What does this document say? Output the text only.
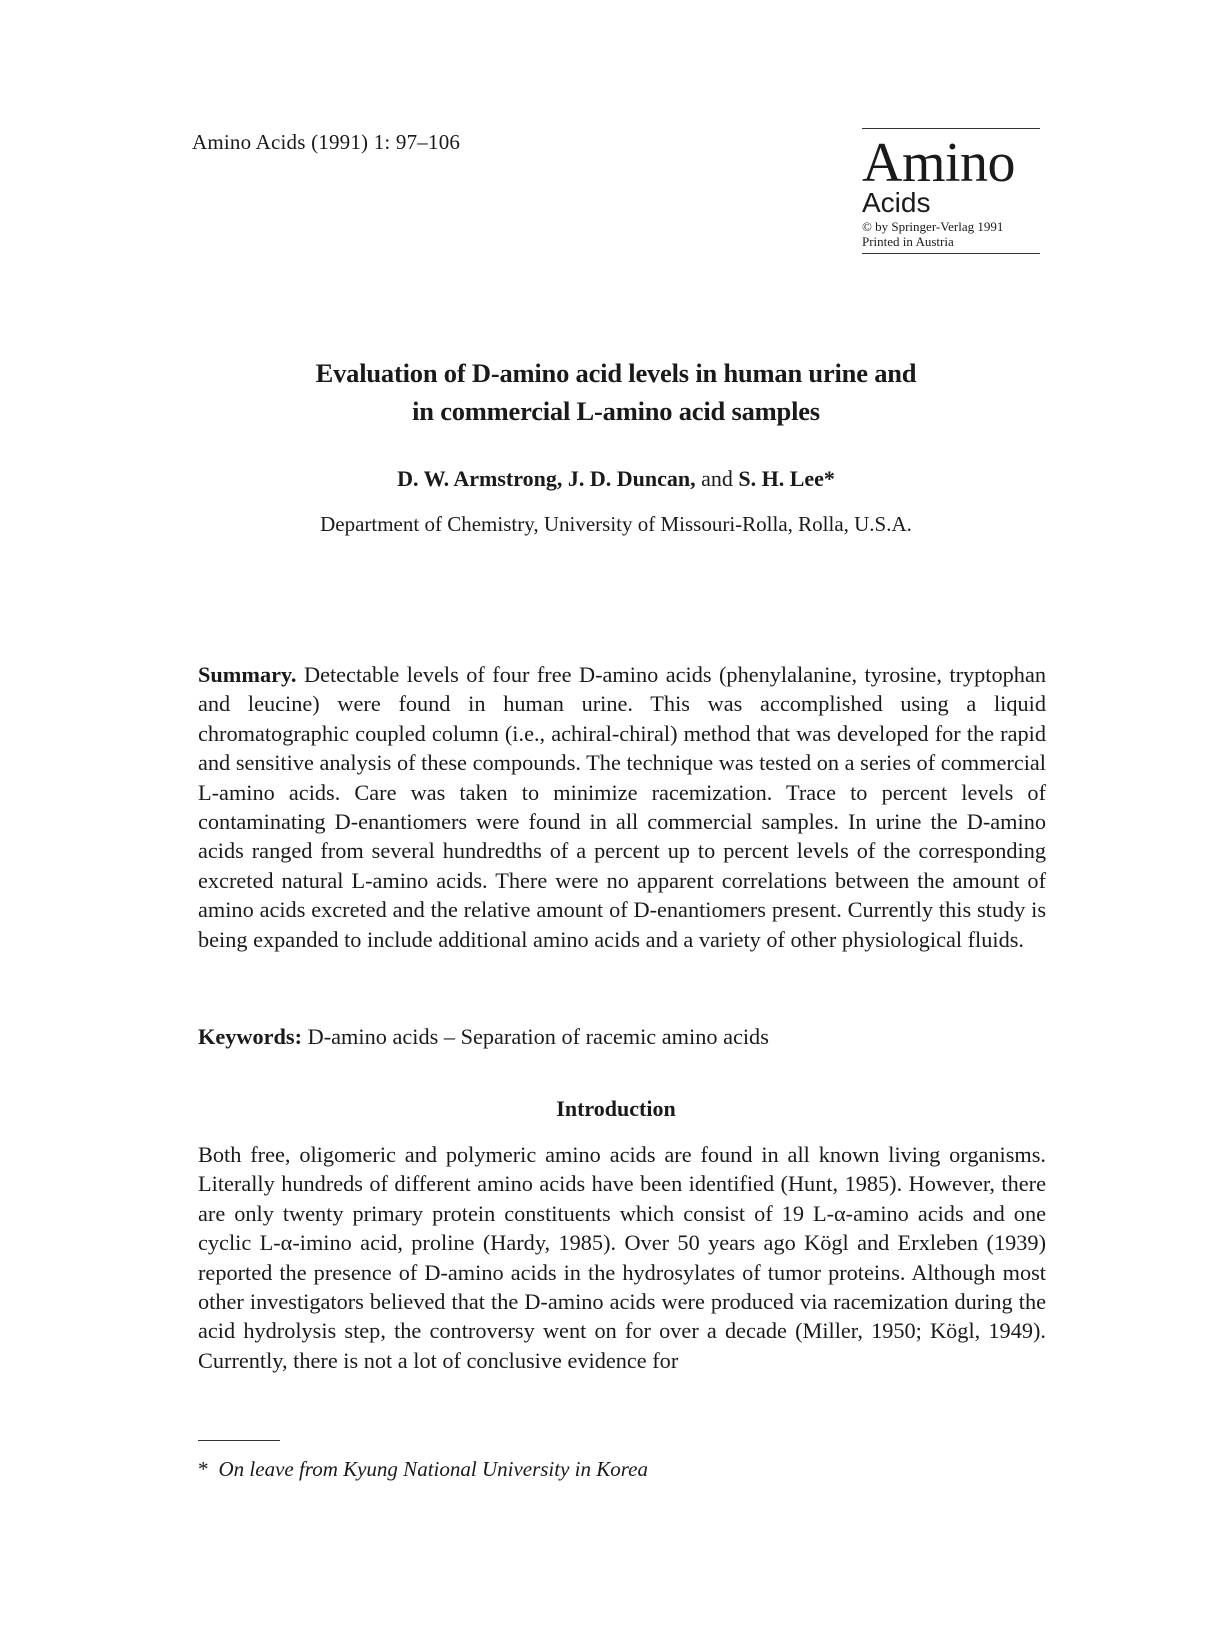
Amino Acids (1991) 1: 97–106	Amino
Acids
© by Springer-Verlag 1991
Printed in Austria
Evaluation of D-amino acid levels in human urine and
in commercial L-amino acid samples
D. W. Armstrong, J. D. Duncan, and S. H. Lee*
Department of Chemistry, University of Missouri-Rolla, Rolla, U.S.A.
Summary. Detectable levels of four free D-amino acids (phenylalanine, tyrosine, tryptophan and leucine) were found in human urine. This was accomplished using a liquid chromatographic coupled column (i.e., achiral-chiral) method that was developed for the rapid and sensitive analysis of these compounds. The technique was tested on a series of commercial L-amino acids. Care was taken to minimize racemization. Trace to percent levels of contaminating D-enantiomers were found in all commercial samples. In urine the D-amino acids ranged from several hundredths of a percent up to percent levels of the corresponding excreted natural L-amino acids. There were no apparent correlations between the amount of amino acids excreted and the relative amount of D-enantiomers present. Currently this study is being expanded to include additional amino acids and a variety of other physiological fluids.
Keywords: D-amino acids – Separation of racemic amino acids
Introduction
Both free, oligomeric and polymeric amino acids are found in all known living organisms. Literally hundreds of different amino acids have been identified (Hunt, 1985). However, there are only twenty primary protein constituents which consist of 19 L-α-amino acids and one cyclic L-α-imino acid, proline (Hardy, 1985). Over 50 years ago Kögl and Erxleben (1939) reported the presence of D-amino acids in the hydrosylates of tumor proteins. Although most other investigators believed that the D-amino acids were produced via racemization during the acid hydrolysis step, the controversy went on for over a decade (Miller, 1950; Kögl, 1949). Currently, there is not a lot of conclusive evidence for
* On leave from Kyung National University in Korea
